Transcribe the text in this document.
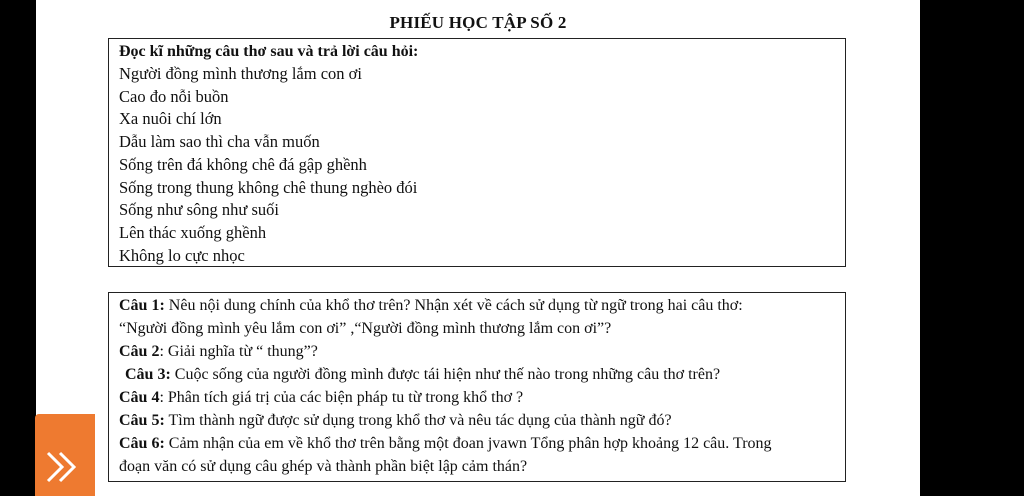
PHIẾU HỌC TẬP SỐ 2
Đọc kĩ những câu thơ sau và trả lời câu hỏi:
Người đồng mình thương lắm con ơi
Cao đo nỗi buồn
Xa nuôi chí lớn
Dẫu làm sao thì cha vẫn muốn
Sống trên đá không chê đá gập ghềnh
Sống trong thung không chê thung nghèo đói
Sống như sông như suối
Lên thác xuống ghềnh
Không lo cực nhọc
Câu 1: Nêu nội dung chính của khổ thơ trên? Nhận xét về cách sử dụng từ ngữ trong hai câu thơ:
“Người đồng mình yêu lắm con ơi” ,“Người đồng mình thương lắm con ơi”?
Câu 2: Giải nghĩa từ “ thung”?
Câu 3: Cuộc sống của người đồng mình được tái hiện như thế nào trong những câu thơ trên?
Câu 4: Phân tích giá trị của các biện pháp tu từ trong khổ thơ ?
Câu 5: Tìm thành ngữ được sử dụng trong khổ thơ và nêu tác dụng của thành ngữ đó?
Câu 6: Cảm nhận của em về khổ thơ trên bằng một đoan jvawn Tổng phân hợp khoảng 12 câu. Trong
đoạn văn có sử dụng câu ghép và thành phần biệt lập cảm thán?
